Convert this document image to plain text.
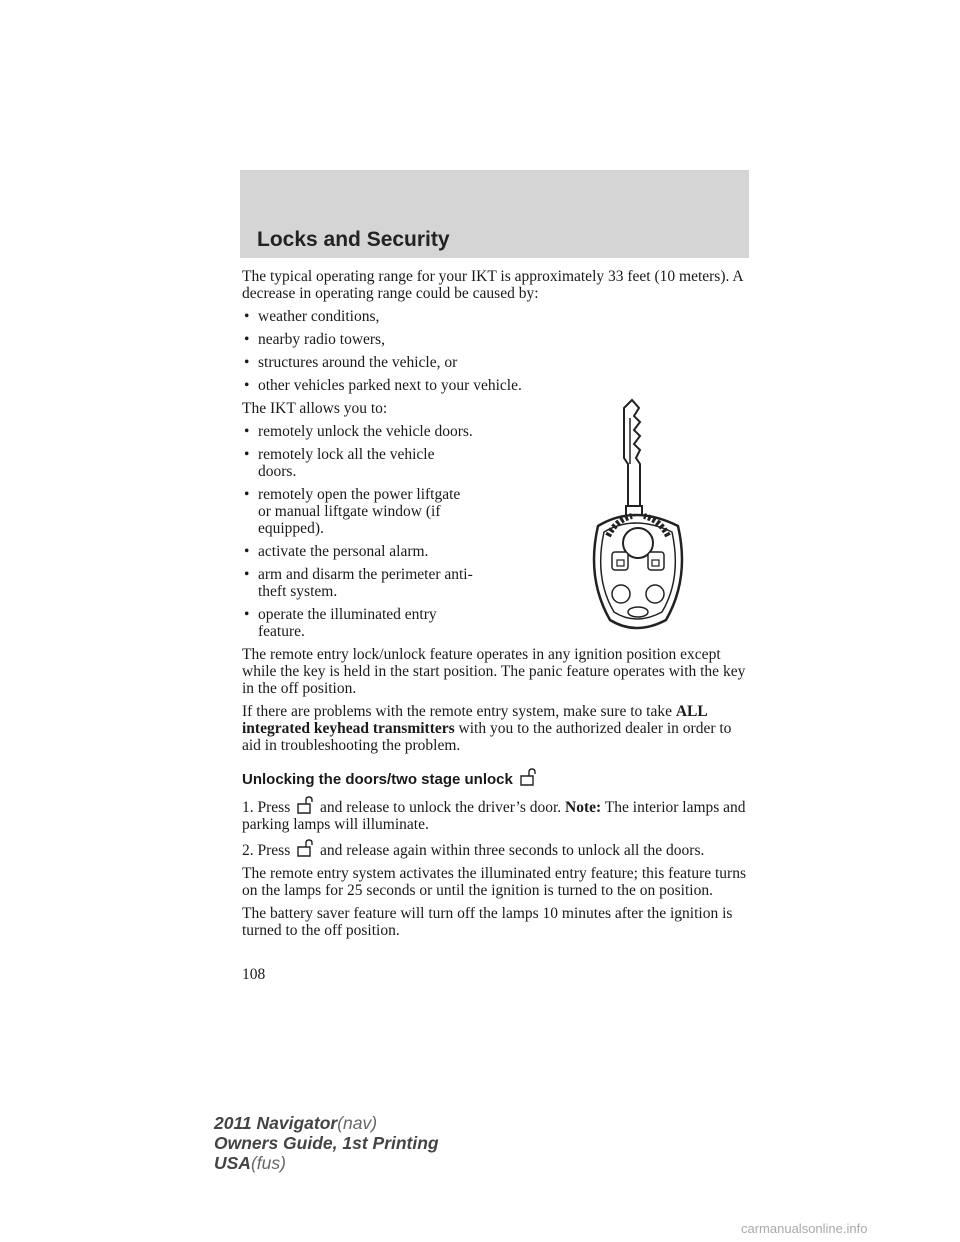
Locks and Security

The typical operating range for your IKT is approximately 33 feet (10 meters). A decrease in operating range could be caused by:

• weather conditions,
• nearby radio towers,
• structures around the vehicle, or
• other vehicles parked next to your vehicle.

The IKT allows you to:

• remotely unlock the vehicle doors.
• remotely lock all the vehicle doors.
• remotely open the power liftgate or manual liftgate window (if equipped).
• activate the personal alarm.
• arm and disarm the perimeter anti-theft system.
• operate the illuminated entry feature.

The remote entry lock/unlock feature operates in any ignition position except while the key is held in the start position. The panic feature operates with the key in the off position.

If there are problems with the remote entry system, make sure to take ALL integrated keyhead transmitters with you to the authorized dealer in order to aid in troubleshooting the problem.

Unlocking the doors/two stage unlock

1. Press and release to unlock the driver’s door. Note: The interior lamps and parking lamps will illuminate.

2. Press and release again within three seconds to unlock all the doors.

The remote entry system activates the illuminated entry feature; this feature turns on the lamps for 25 seconds or until the ignition is turned to the on position.

The battery saver feature will turn off the lamps 10 minutes after the ignition is turned to the off position.

108
2011 Navigator(nav)
Owners Guide, 1st Printing
USA(fus)
carmanualsonline.info
